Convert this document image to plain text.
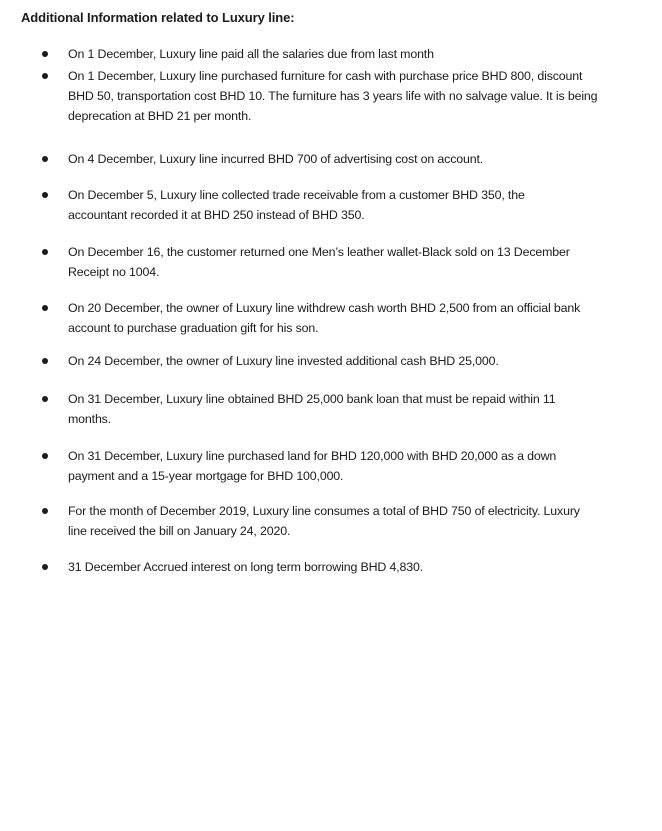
Additional Information related to Luxury line:
On 1 December, Luxury line paid all the salaries due from last month
On 1 December, Luxury line purchased furniture for cash with purchase price BHD 800, discount
BHD 50, transportation cost BHD 10. The furniture has 3 years life with no salvage value. It is being
deprecation at BHD 21 per month.
On 4 December, Luxury line incurred BHD 700 of advertising cost on account.
On December 5, Luxury line collected trade receivable from a customer BHD 350, the
accountant recorded it at BHD 250 instead of BHD 350.
On December 16, the customer returned one Men’s leather wallet-Black sold on 13 December
Receipt no 1004.
On 20 December, the owner of Luxury line withdrew cash worth BHD 2,500 from an official bank
account to purchase graduation gift for his son.
On 24 December, the owner of Luxury line invested additional cash BHD 25,000.
On 31 December, Luxury line obtained BHD 25,000 bank loan that must be repaid within 11
months.
On 31 December, Luxury line purchased land for BHD 120,000 with BHD 20,000 as a down
payment and a 15-year mortgage for BHD 100,000.
For the month of December 2019, Luxury line consumes a total of BHD 750 of electricity. Luxury
line received the bill on January 24, 2020.
31 December Accrued interest on long term borrowing BHD 4,830.
